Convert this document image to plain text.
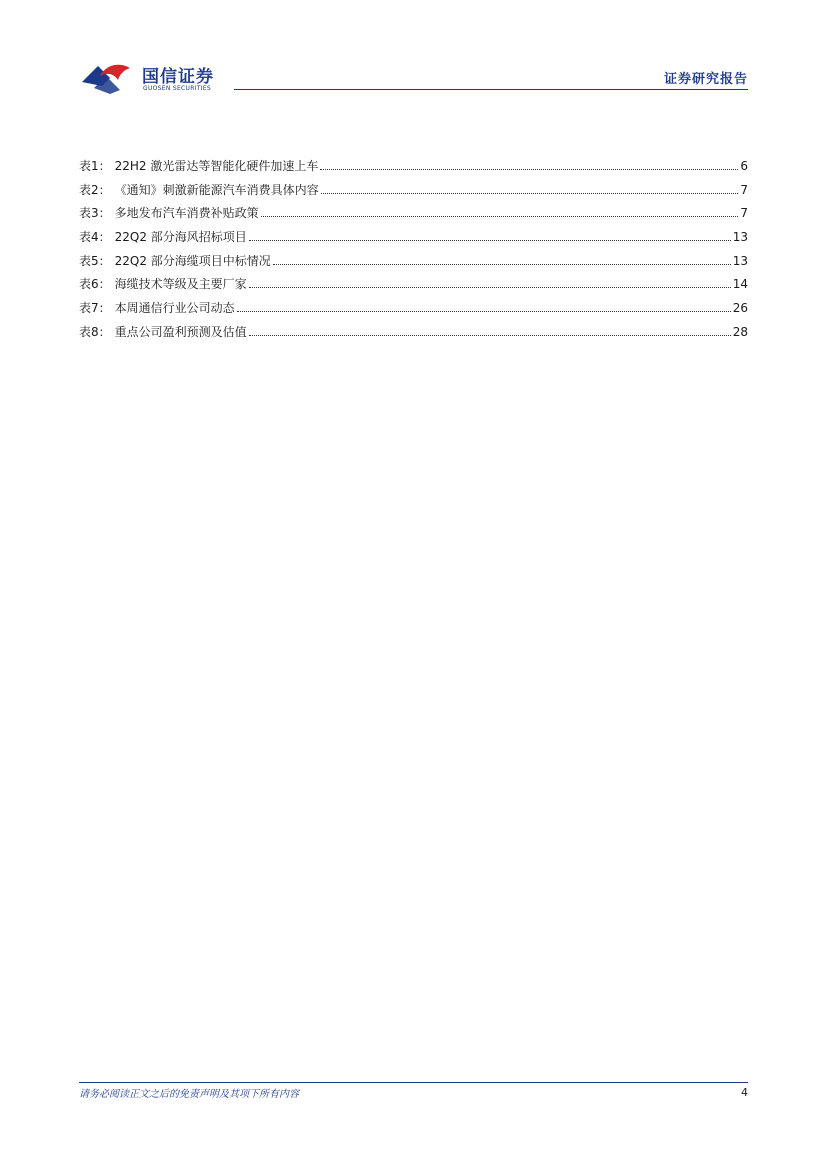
国信证券
GUOSEN SECURITIES
证券研究报告
表1： 22H2 激光雷达等智能化硬件加速上车	6
表2： 《通知》刺激新能源汽车消费具体内容	7
表3： 多地发布汽车消费补贴政策	7
表4： 22Q2 部分海风招标项目	13
表5： 22Q2 部分海缆项目中标情况	13
表6： 海缆技术等级及主要厂家	14
表7： 本周通信行业公司动态	26
表8： 重点公司盈利预测及估值	28
请务必阅读正文之后的免责声明及其项下所有内容	4
